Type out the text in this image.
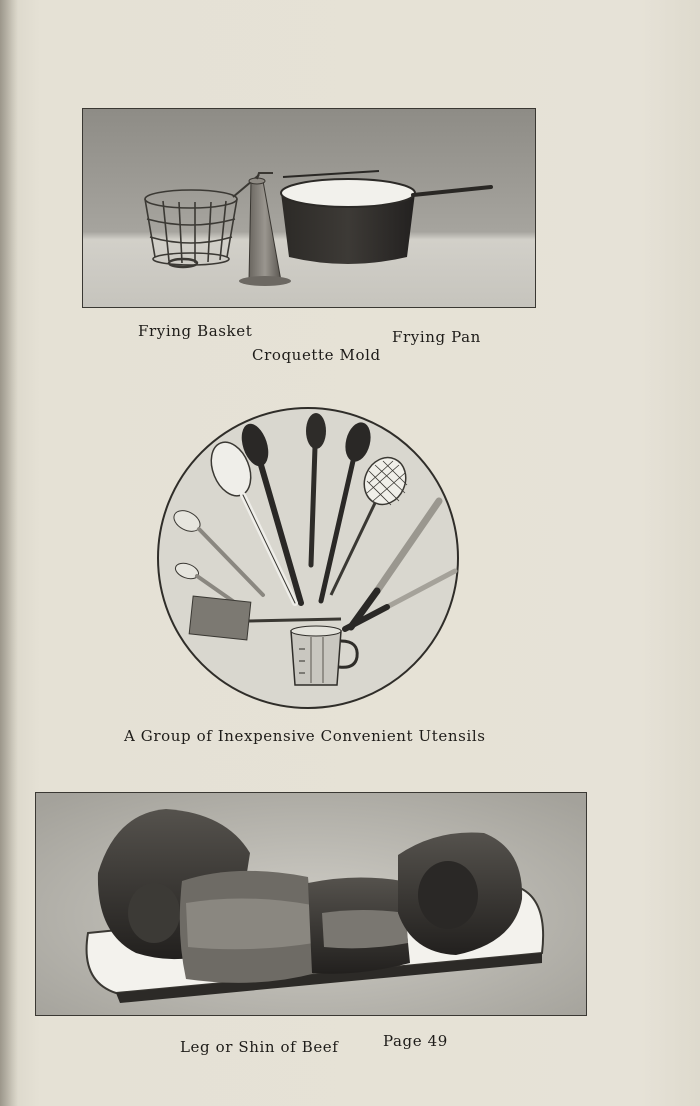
Frying Basket	Frying Pan
Croquette Mold
A Group of Inexpensive Convenient Utensils
Leg or Shin of Beef	Page 49
